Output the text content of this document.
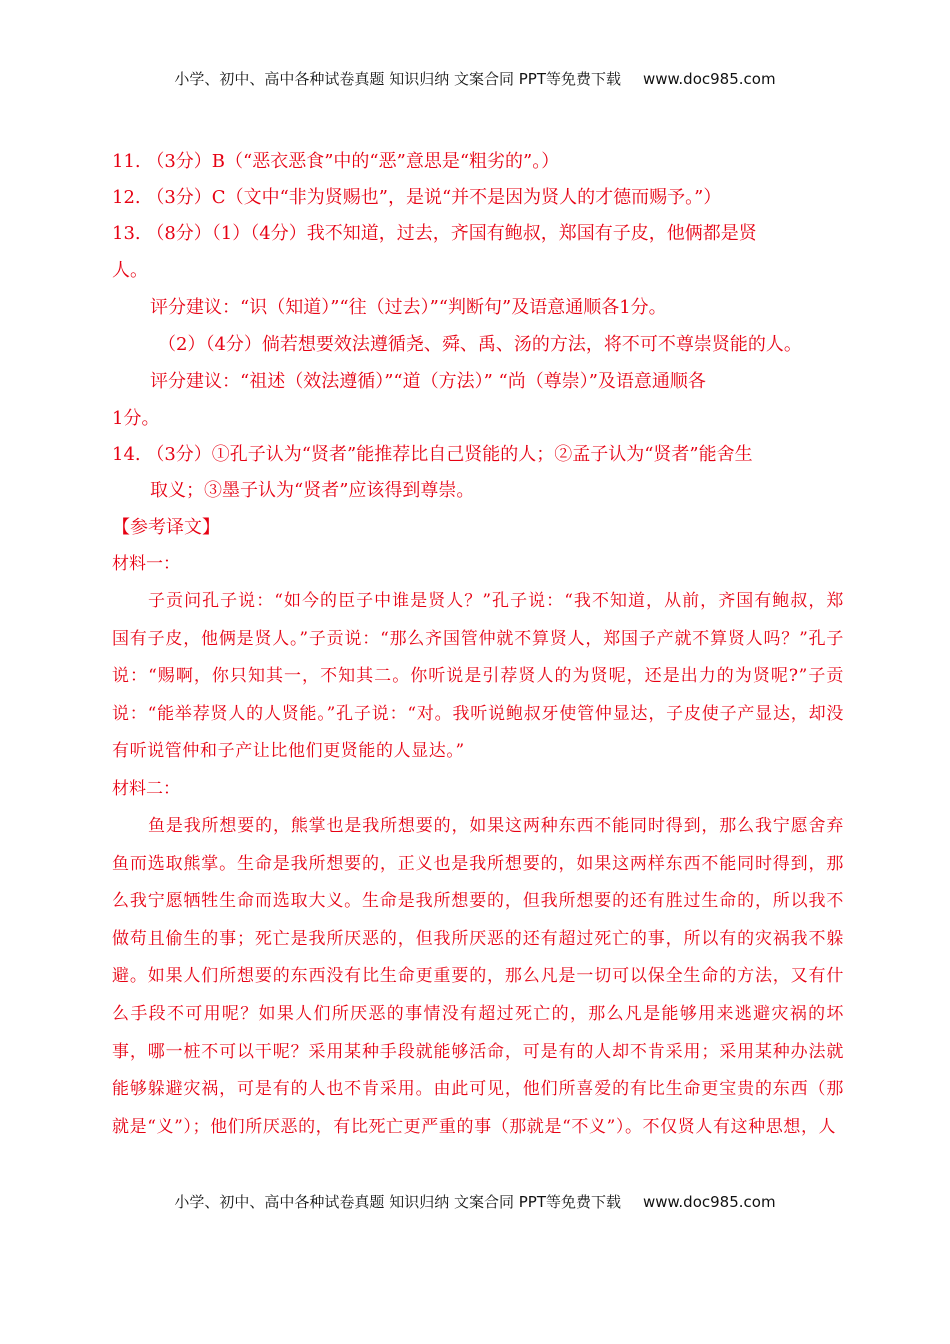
小学、初中、高中各种试卷真题 知识归纳 文案合同 PPT等免费下载 www.doc985.com

11. （3分）B（“恶衣恶食”中的“恶”意思是“粗劣的”。）

12. （3分）C（文中“非为贤赐也”，是说“并不是因为贤人的才德而赐予。”）

13. （8分）（1）（4分）我不知道，过去，齐国有鲍叔，郑国有子皮，他俩都是贤

人。

评分建议：“识（知道）”“往（过去）”“判断句”及语意通顺各1分。

（2）（4分）倘若想要效法遵循尧、舜、禹、汤的方法，将不可不尊崇贤能的人。

评分建议：“祖述（效法遵循）”“道（方法）” “尚（尊崇）”及语意通顺各

1分。

14. （3分）①孔子认为“贤者”能推荐比自己贤能的人；②孟子认为“贤者”能舍生

取义；③墨子认为“贤者”应该得到尊崇。

【参考译文】

材料一：

子贡问孔子说：“如今的臣子中谁是贤人？”孔子说：“我不知道，从前，齐国有鲍叔，郑国有子皮，他俩是贤人。”子贡说：“那么齐国管仲就不算贤人，郑国子产就不算贤人吗？”孔子说：“赐啊，你只知其一，不知其二。你听说是引荐贤人的为贤呢，还是出力的为贤呢?”子贡说：“能举荐贤人的人贤能。”孔子说：“对。我听说鲍叔牙使管仲显达，子皮使子产显达，却没有听说管仲和子产让比他们更贤能的人显达。”

材料二：

鱼是我所想要的，熊掌也是我所想要的，如果这两种东西不能同时得到，那么我宁愿舍弃鱼而选取熊掌。生命是我所想要的，正义也是我所想要的，如果这两样东西不能同时得到，那么我宁愿牺牲生命而选取大义。生命是我所想要的，但我所想要的还有胜过生命的，所以我不做苟且偷生的事；死亡是我所厌恶的，但我所厌恶的还有超过死亡的事，所以有的灾祸我不躲避。如果人们所想要的东西没有比生命更重要的，那么凡是一切可以保全生命的方法，又有什么手段不可用呢？如果人们所厌恶的事情没有超过死亡的，那么凡是能够用来逃避灾祸的坏事，哪一桩不可以干呢？采用某种手段就能够活命，可是有的人却不肯采用；采用某种办法就能够躲避灾祸，可是有的人也不肯采用。由此可见，他们所喜爱的有比生命更宝贵的东西（那就是“义”）；他们所厌恶的，有比死亡更严重的事（那就是“不义”）。不仅贤人有这种思想，人

小学、初中、高中各种试卷真题 知识归纳 文案合同 PPT等免费下载 www.doc985.com
